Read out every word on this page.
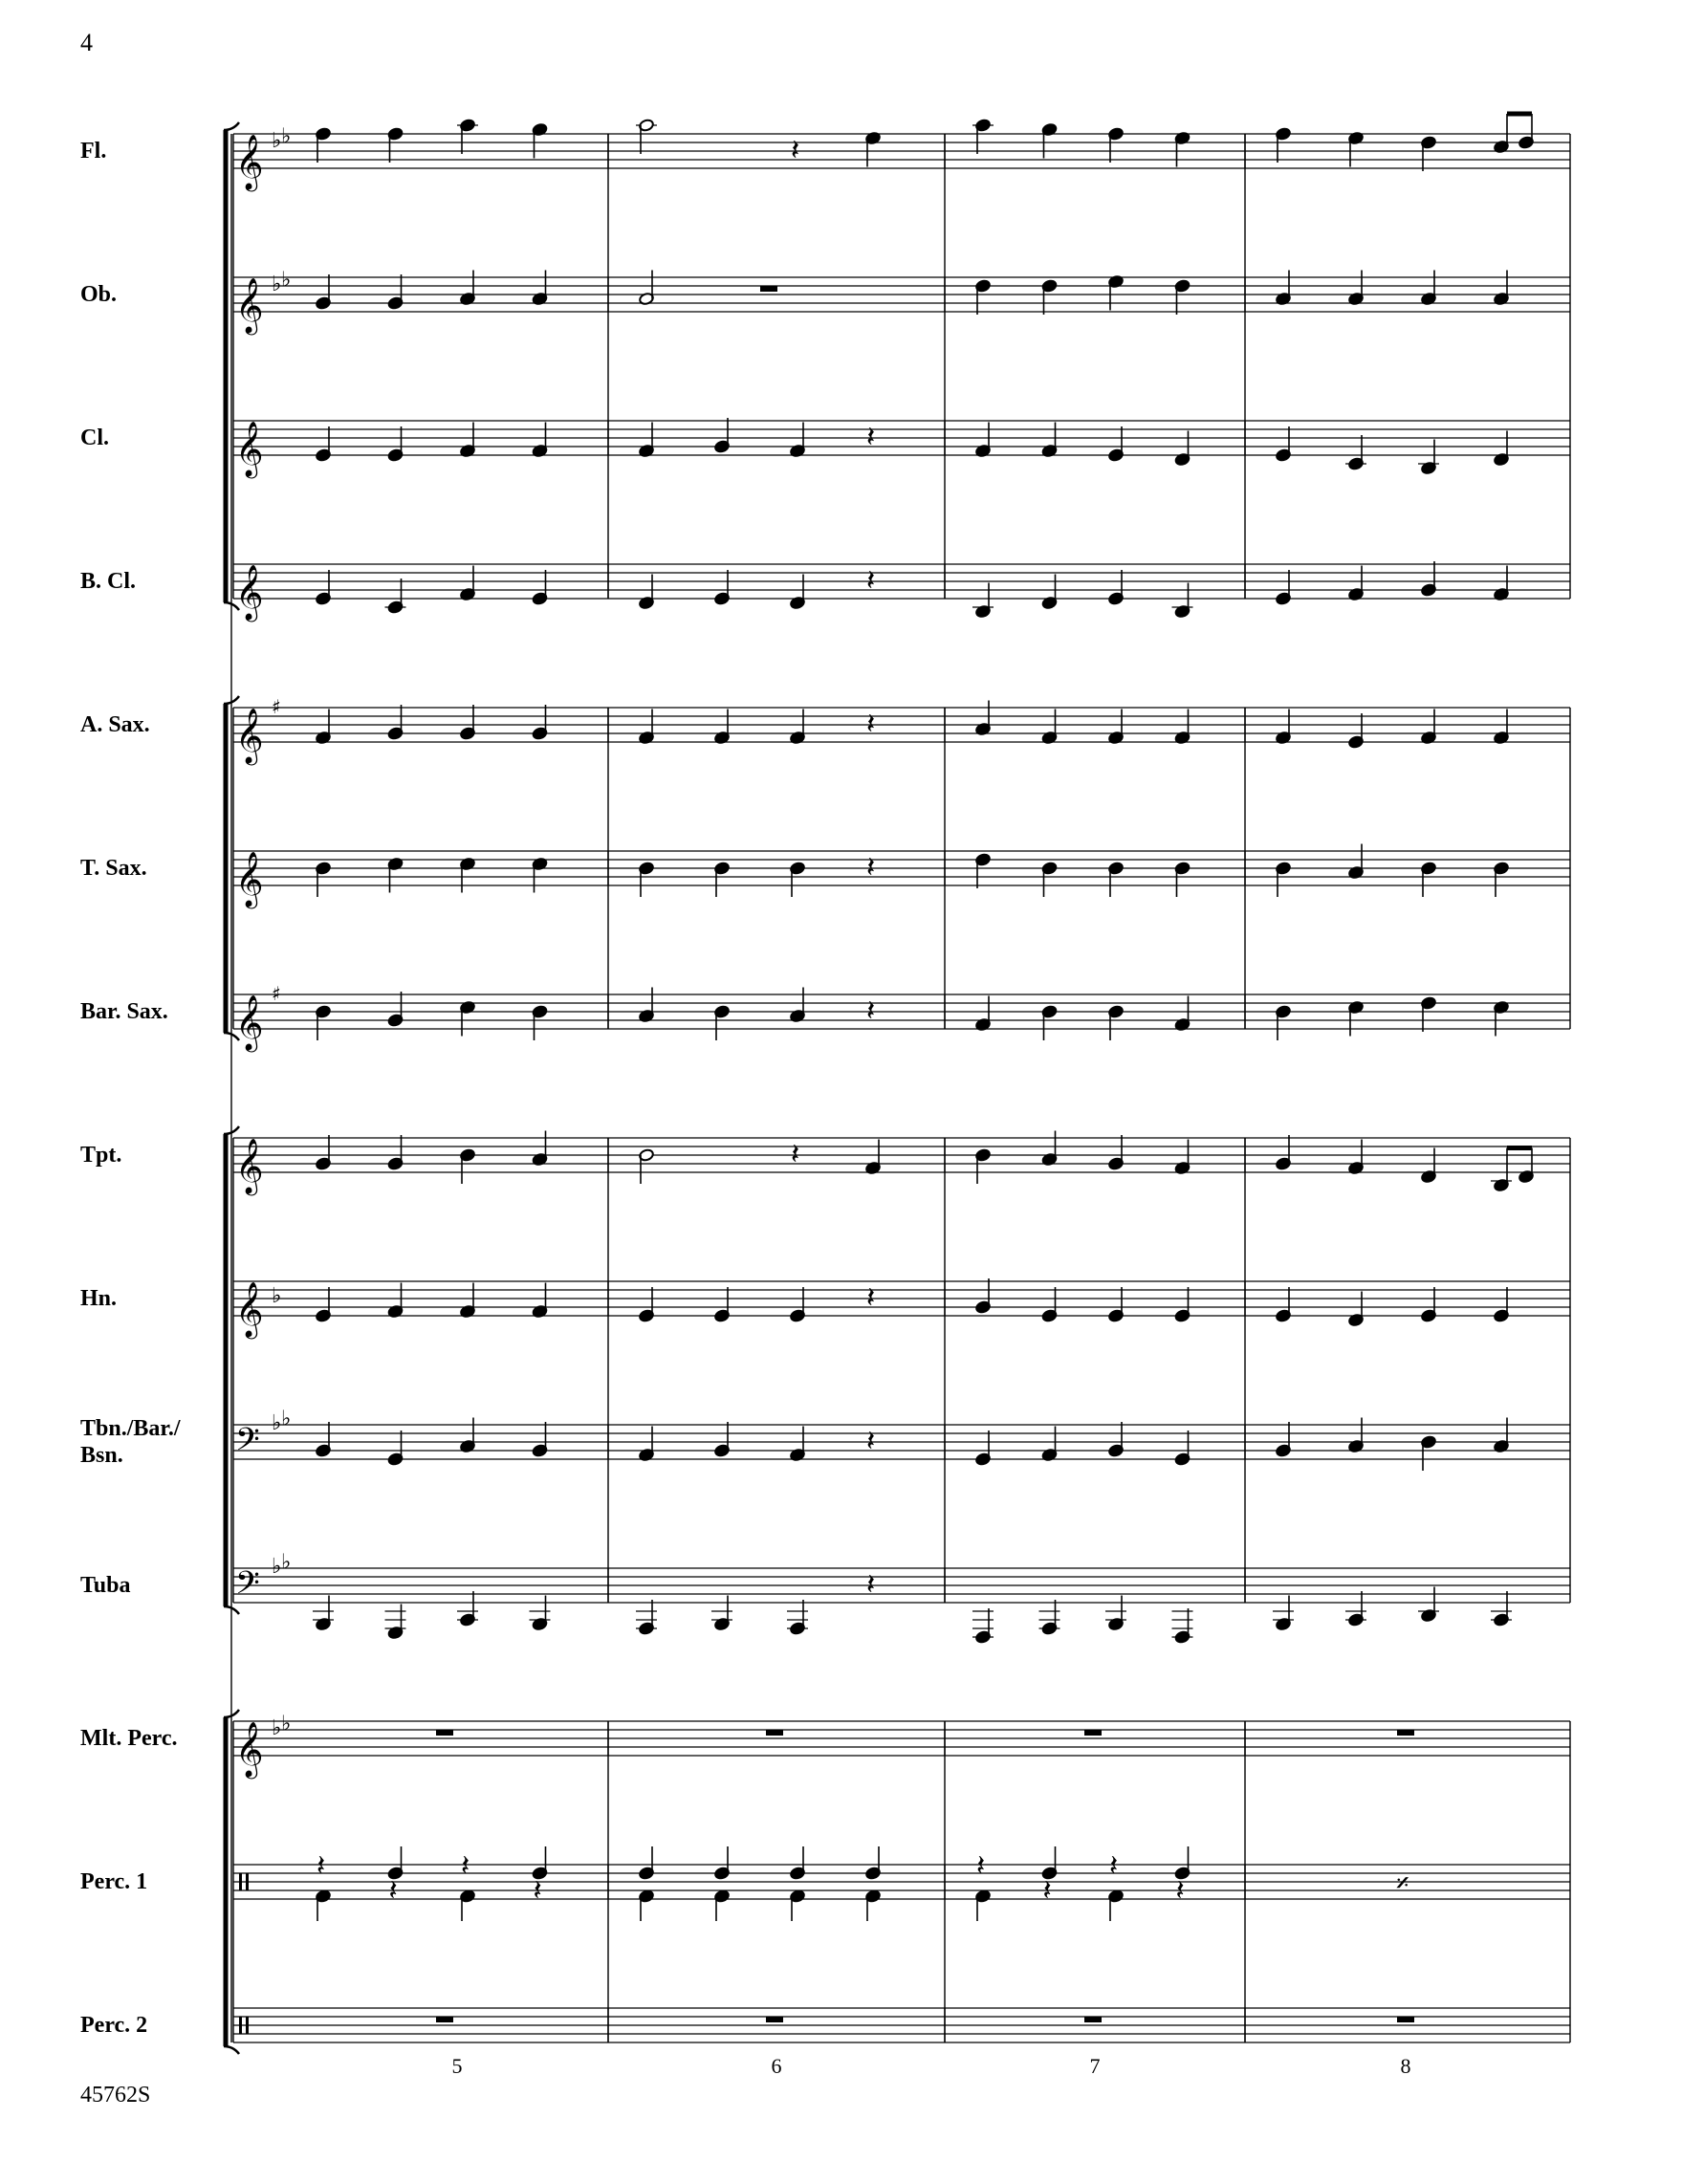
4
Fl.
Ob.
Cl.
B. Cl.
A. Sax.
T. Sax.
Bar. Sax.
Tpt.
Hn.
Tbn./Bar./
Bsn.
Tuba
Mlt. Perc.
Perc. 1
Perc. 2
𝄞 ♭ ♭
𝄞 ♭ ♭
𝄞
𝄞
𝄞
♯
𝄞
𝄞
♯
𝄞
𝄞 ♭
𝄢 ♭ ♭
𝄢 ♭ ♭
𝄞 ♭ ♭
𝄽
𝄽
𝄽
𝄽
𝄽
𝄽
𝄽
𝄽
𝄽
𝄽
𝄽
𝄽
𝄽
𝄽
𝄽
𝄽
𝄽
𝄽	𝄎
5	6	7	8
45762S
